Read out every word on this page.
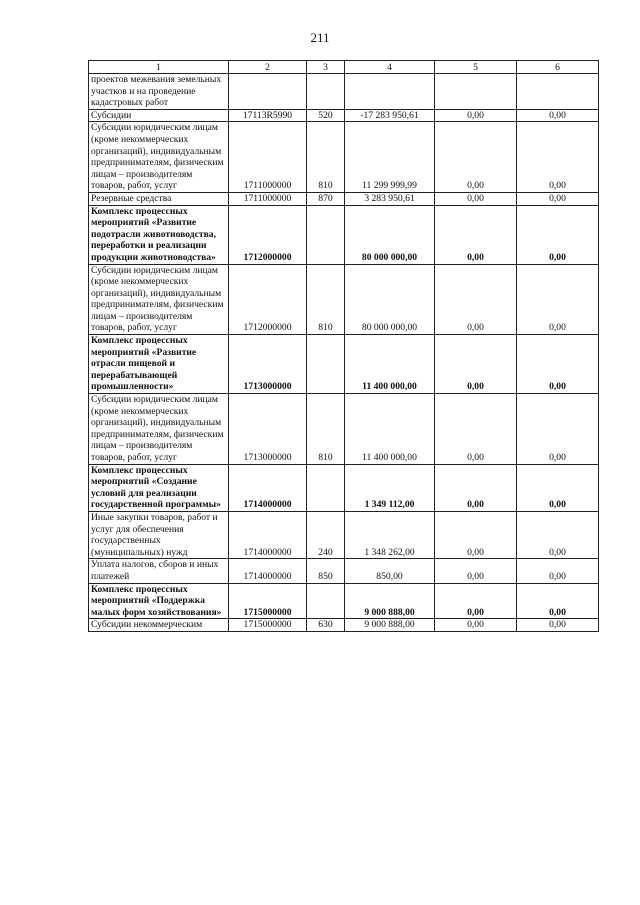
211
1	2	3	4	5	6
проектов межевания земельных участков и на проведение кадастровых работ					
Субсидии	17113R5990	520	-17 283 950,61	0,00	0,00
Субсидии юридическим лицам (кроме некоммерческих организаций), индивидуальным предпринимателям, физическим лицам – производителям товаров, работ, услуг	1711000000	810	11 299 999,99	0,00	0,00
Резервные средства	1711000000	870	3 283 950,61	0,00	0,00
Комплекс процессных мероприятий «Развитие подотрасли животноводства, переработки и реализации продукции животноводства»	1712000000		80 000 000,00	0,00	0,00
Субсидии юридическим лицам (кроме некоммерческих организаций), индивидуальным предпринимателям, физическим лицам – производителям товаров, работ, услуг	1712000000	810	80 000 000,00	0,00	0,00
Комплекс процессных мероприятий «Развитие отрасли пищевой и перерабатывающей промышленности»	1713000000		11 400 000,00	0,00	0,00
Субсидии юридическим лицам (кроме некоммерческих организаций), индивидуальным предпринимателям, физическим лицам – производителям товаров, работ, услуг	1713000000	810	11 400 000,00	0,00	0,00
Комплекс процессных мероприятий «Создание условий для реализации государственной программы»	1714000000		1 349 112,00	0,00	0,00
Иные закупки товаров, работ и услуг для обеспечения государственных (муниципальных) нужд	1714000000	240	1 348 262,00	0,00	0,00
Уплата налогов, сборов и иных платежей	1714000000	850	850,00	0,00	0,00
Комплекс процессных мероприятий «Поддержка малых форм хозяйствования»	1715000000		9 000 888,00	0,00	0,00
Субсидии некоммерческим	1715000000	630	9 000 888,00	0,00	0,00
